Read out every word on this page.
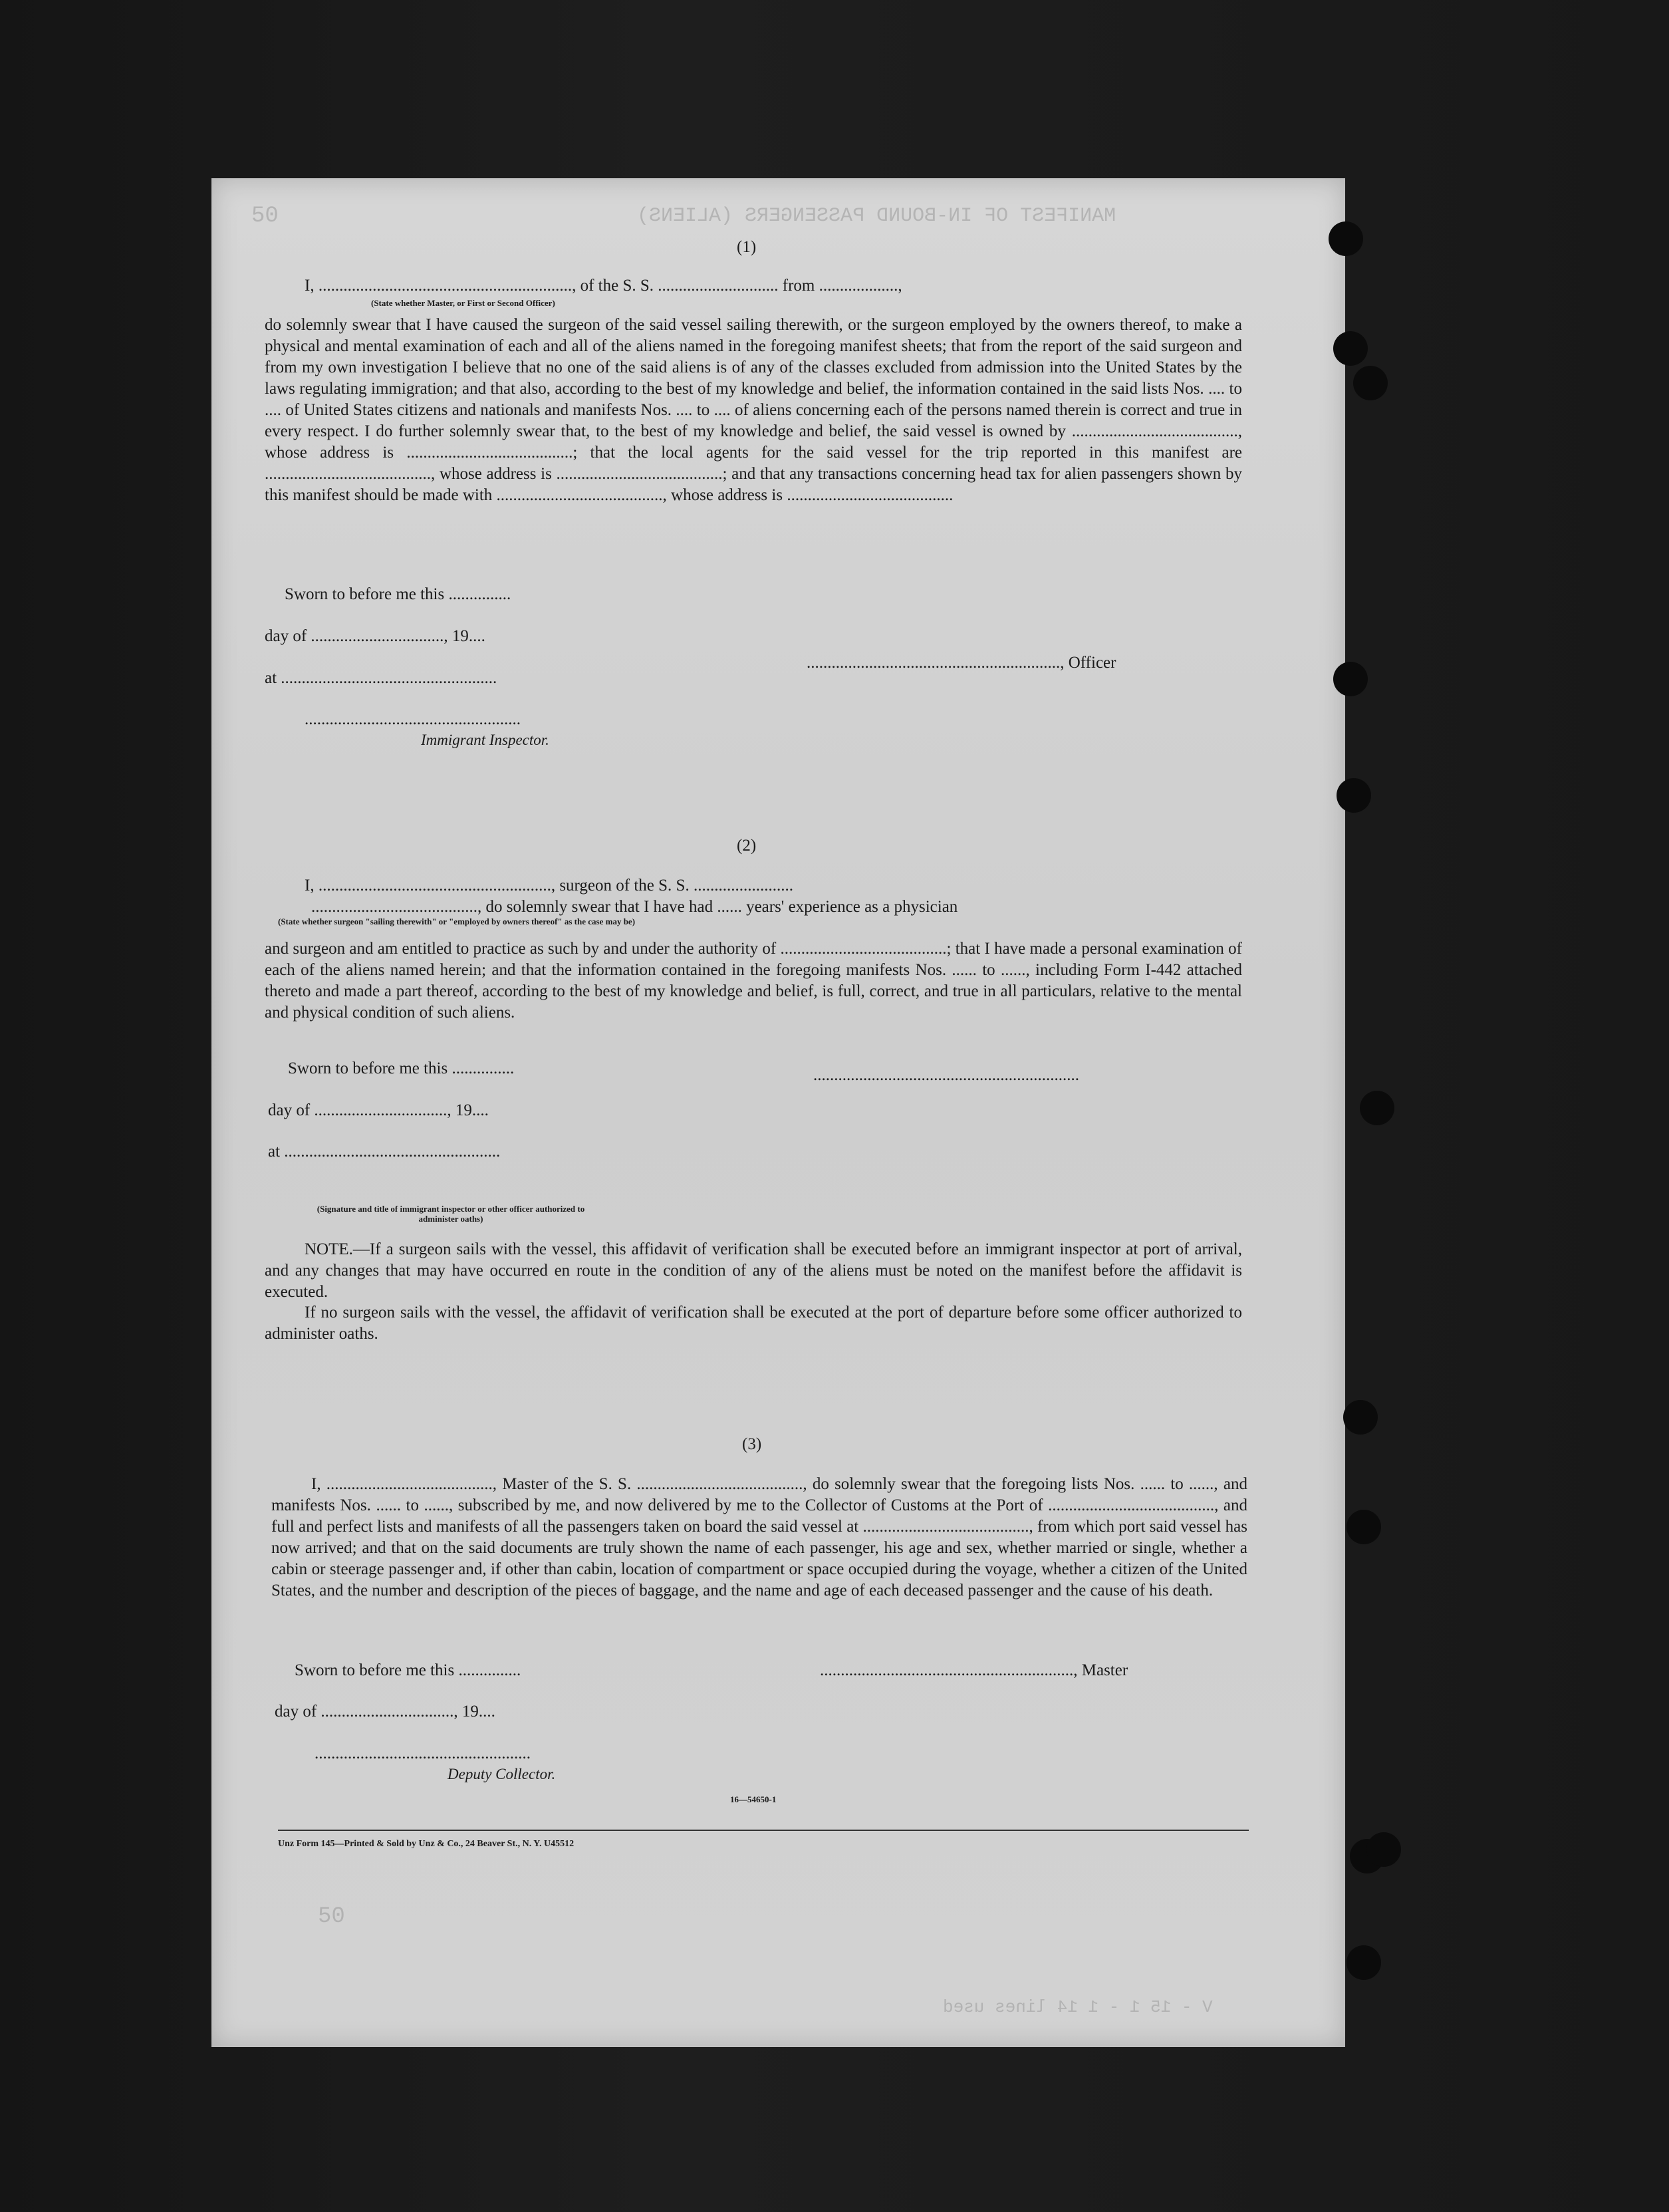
50	MANIFEST OF IN-BOUND PASSENGERS (ALIENS)
50
V - 15 1 - 1 14 lines used
(1)
I, ............................................................., of the S. S. ............................. from ...................,
(State whether Master, or First or Second Officer)
do solemnly swear that I have caused the surgeon of the said vessel sailing therewith, or the surgeon employed by the owners thereof, to make a physical and mental examination of each and all of the aliens named in the foregoing manifest sheets; that from the report of the said surgeon and from my own investigation I believe that no one of the said aliens is of any of the classes excluded from admission into the United States by the laws regulating immigration; and that also, according to the best of my knowledge and belief, the information contained in the said lists Nos. .... to .... of United States citizens and nationals and manifests Nos. .... to .... of aliens concerning each of the persons named therein is correct and true in every respect. I do further solemnly swear that, to the best of my knowledge and belief, the said vessel is owned by ........................................, whose address is ........................................; that the local agents for the said vessel for the trip reported in this manifest are ........................................, whose address is ........................................; and that any transactions concerning head tax for alien passengers shown by this manifest should be made with ........................................, whose address is ........................................
Sworn to before me this ...............
day of ................................, 19....
at ....................................................
....................................................
Immigrant Inspector.
............................................................., Officer
(2)
I, ........................................................, surgeon of the S. S. ........................
........................................, do solemnly swear that I have had ...... years' experience as a physician
(State whether surgeon "sailing therewith" or "employed by owners thereof" as the case may be)
and surgeon and am entitled to practice as such by and under the authority of ........................................; that I have made a personal examination of each of the aliens named herein; and that the information contained in the foregoing manifests Nos. ...... to ......, including Form I-442 attached thereto and made a part thereof, according to the best of my knowledge and belief, is full, correct, and true in all particulars, relative to the mental and physical condition of such aliens.
Sworn to before me this ...............
day of ................................, 19....
at ....................................................
(Signature and title of immigrant inspector or other officer authorized to administer oaths)
................................................................
NOTE.—If a surgeon sails with the vessel, this affidavit of verification shall be executed before an immigrant inspector at port of arrival, and any changes that may have occurred en route in the condition of any of the aliens must be noted on the manifest before the affidavit is executed.
If no surgeon sails with the vessel, the affidavit of verification shall be executed at the port of departure before some officer authorized to administer oaths.
(3)
I, ........................................, Master of the S. S. ........................................, do solemnly swear that the foregoing lists Nos. ...... to ......, and manifests Nos. ...... to ......, subscribed by me, and now delivered by me to the Collector of Customs at the Port of ........................................, and full and perfect lists and manifests of all the passengers taken on board the said vessel at ........................................, from which port said vessel has now arrived; and that on the said documents are truly shown the name of each passenger, his age and sex, whether married or single, whether a cabin or steerage passenger and, if other than cabin, location of compartment or space occupied during the voyage, whether a citizen of the United States, and the number and description of the pieces of baggage, and the name and age of each deceased passenger and the cause of his death.
Sworn to before me this ...............
day of ................................, 19....
....................................................
Deputy Collector.
............................................................., Master
16—54650-1
Unz Form 145—Printed & Sold by Unz & Co., 24 Beaver St., N. Y. U45512
